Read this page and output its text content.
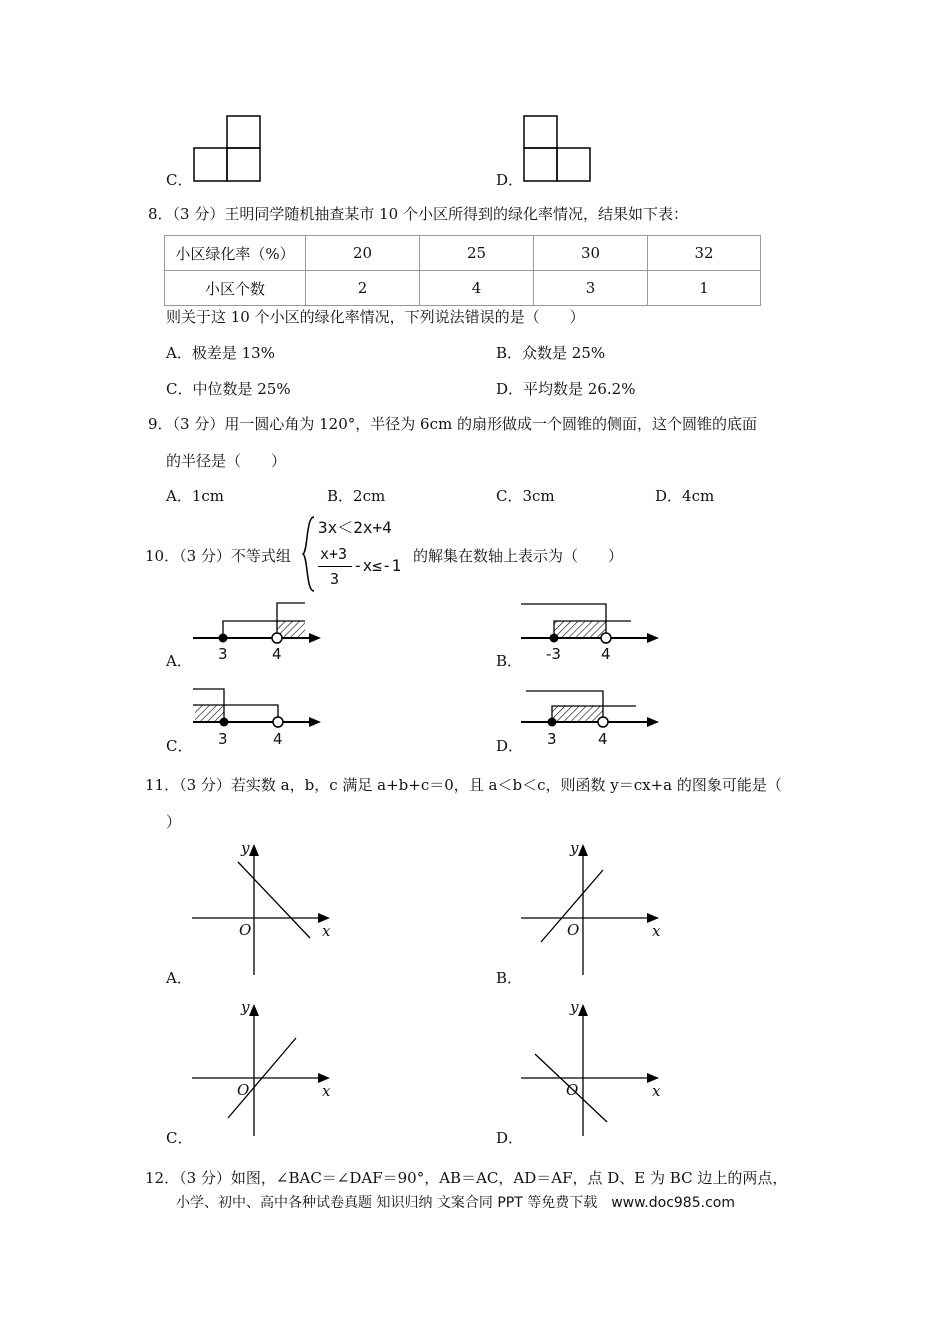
C．	D．
8．（3 分）王明同学随机抽查某市 10 个小区所得到的绿化率情况，结果如下表：
小区绿化率（%）	20	25	30	32
小区个数	2	4	3	1
则关于这 10 个小区的绿化率情况，下列说法错误的是（　　）
A．极差是 13%	B．众数是 25%
C．中位数是 25%	D．平均数是 26.2%
9．（3 分）用一圆心角为 120°，半径为 6cm 的扇形做成一个圆锥的侧面，这个圆锥的底面
的半径是（　　）
A．1cm	B．2cm	C．3cm	D．4cm
10．（3 分）不等式组
3x＜2x+4
x+3
3
-x≤-1 的解集在数轴上表示为（　　）
3	4
A．	-3	4
B．
3	4
C．	3	4
D．
11．（3 分）若实数 a，b，c 满足 a+b+c＝0，且 a＜b＜c，则函数 y＝cx+a 的图象可能是（
）
y
O	x
A．
y
O	x
B．
y
O	x
C．
y
O	x
D．
12．（3 分）如图，∠BAC＝∠DAF＝90°，AB＝AC，AD＝AF，点 D、E 为 BC 边上的两点，
小学、初中、高中各种试卷真题 知识归纳 文案合同 PPT 等免费下载　www.doc985.com
